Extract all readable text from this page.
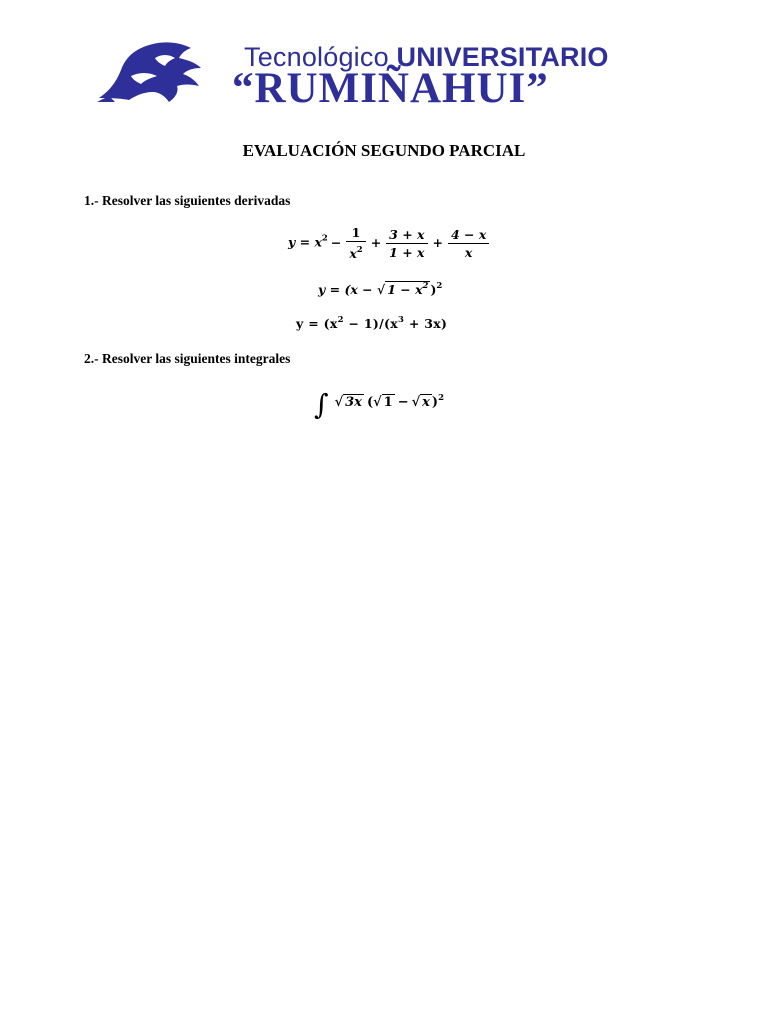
Tecnológico UNIVERSITARIO
“RUMIÑAHUI”
EVALUACIÓN SEGUNDO PARCIAL
1.- Resolver las siguientes derivadas
$y = x^2 - \frac{1}{x^2} + \frac{3 + x}{1 + x} + \frac{4 - x}{x}$
y = (x − √ $1 - x^2$ )$^2$
$y = (x^2 - 1)/(x^3 + 3x)$
2.- Resolver las siguientes integrales
∫ √ 3x (√ 1 − √ x )$^2$
